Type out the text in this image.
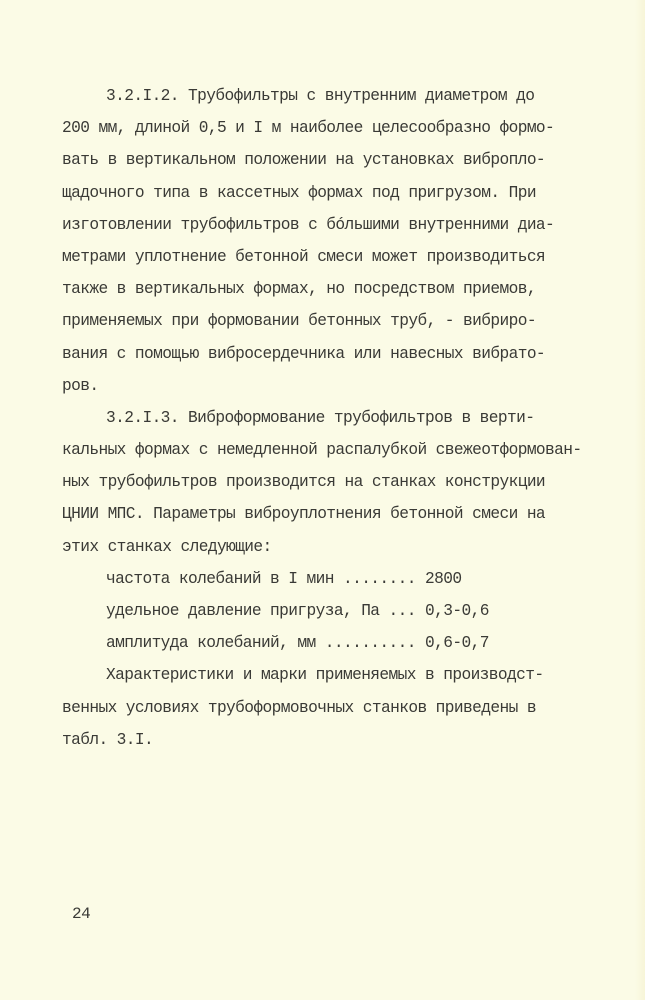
3.2.I.2. Трубофильтры с внутренним диаметром до
200 мм, длиной 0,5 и I м наиболее целесообразно формо-
вать в вертикальном положении на установках виброплo-
щадочного типа в кассетных формах под пригрузом. При
изготовлении трубофильтров с бóльшими внутренними диа-
метрами уплотнение бетонной смеси может производиться
также в вертикальных формах, но посредством приемов,
применяемых при формовании бетонных труб, - вибриро-
вания с помощью вибросердечника или навесных вибрато-
ров.
3.2.I.3. Виброформование трубофильтров в верти-
кальных формах с немедленной распалубкой свежеотформован-
ных трубофильтров производится на станках конструкции
ЦНИИ МПС. Параметры виброуплотнения бетонной смеси на
этих станках следующие:
частота колебаний в I мин ........ 2800
удельное давление пригруза, Па ... 0,3-0,6
амплитуда колебаний, мм .......... 0,6-0,7
Характеристики и марки применяемых в производст-
венных условиях трубоформовочных станков приведены в
табл. 3.I.
24
